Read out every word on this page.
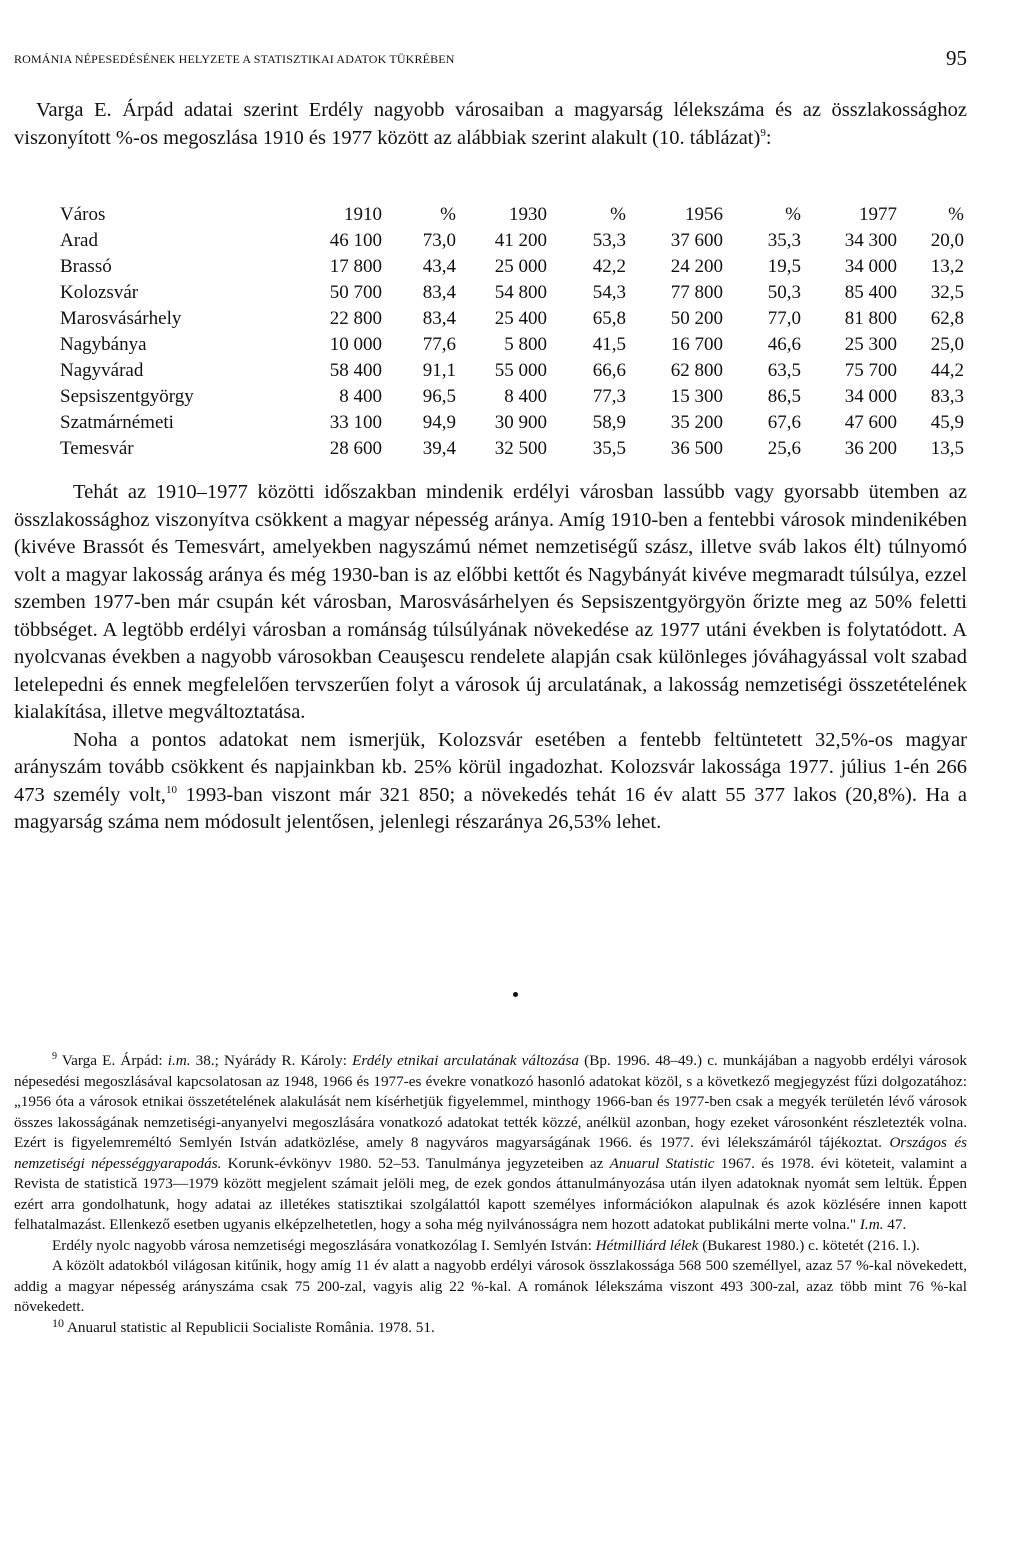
ROMÁNIA NÉPESEDÉSÉNEK HELYZETE A STATISZTIKAI ADATOK TÜKRÉBEN	95

Varga E. Árpád adatai szerint Erdély nagyobb városaiban a magyarság lélekszáma és az összlakossághoz viszonyított %-os megoszlása 1910 és 1977 között az alábbiak szerint alakult (10. táblázat)$^9$:

Város	1910	%	1930	%	1956	%	1977	%
Arad	46 100	73,0	41 200	53,3	37 600	35,3	34 300	20,0
Brassó	17 800	43,4	25 000	42,2	24 200	19,5	34 000	13,2
Kolozsvár	50 700	83,4	54 800	54,3	77 800	50,3	85 400	32,5
Marosvásárhely	22 800	83,4	25 400	65,8	50 200	77,0	81 800	62,8
Nagybánya	10 000	77,6	5 800	41,5	16 700	46,6	25 300	25,0
Nagyvárad	58 400	91,1	55 000	66,6	62 800	63,5	75 700	44,2
Sepsiszentgyörgy	8 400	96,5	8 400	77,3	15 300	86,5	34 000	83,3
Szatmárnémeti	33 100	94,9	30 900	58,9	35 200	67,6	47 600	45,9
Temesvár	28 600	39,4	32 500	35,5	36 500	25,6	36 200	13,5

Tehát az 1910–1977 közötti időszakban mindenik erdélyi városban lassúbb vagy gyorsabb ütemben az összlakossághoz viszonyítva csökkent a magyar népesség aránya. Amíg 1910-ben a fentebbi városok mindenikében (kivéve Brassót és Temesvárt, amelyekben nagyszámú német nemzetiségű szász, illetve sváb lakos élt) túlnyomó volt a magyar lakosság aránya és még 1930-ban is az előbbi kettőt és Nagybányát kivéve megmaradt túlsúlya, ezzel szemben 1977-ben már csupán két városban, Marosvásárhelyen és Sepsiszentgyörgyön őrizte meg az 50% feletti többséget. A legtöbb erdélyi városban a románság túlsúlyának növekedése az 1977 utáni években is folytatódott. A nyolcvanas években a nagyobb városokban Ceauşescu rendelete alapján csak különleges jóváhagyással volt szabad letelepedni és ennek megfelelően tervszerűen folyt a városok új arculatának, a lakosság nemzetiségi összetételének kialakítása, illetve megváltoztatása.

Noha a pontos adatokat nem ismerjük, Kolozsvár esetében a fentebb feltüntetett 32,5%-os magyar arányszám tovább csökkent és napjainkban kb. 25% körül ingadozhat. Kolozsvár lakossága 1977. július 1-én 266 473 személy volt,$^{10}$ 1993-ban viszont már 321 850; a növekedés tehát 16 év alatt 55 377 lakos (20,8%). Ha a magyarság száma nem módosult jelentősen, jelenlegi részaránya 26,53% lehet.

$^9$ Varga E. Árpád: i.m. 38.; Nyárády R. Károly: Erdély etnikai arculatának változása (Bp. 1996. 48–49.) c. munkájában a nagyobb erdélyi városok népesedési megoszlásával kapcsolatosan az 1948, 1966 és 1977-es évekre vonatkozó hasonló adatokat közöl, s a következő megjegyzést fűzi dolgozatához: „1956 óta a városok etnikai összetételének alakulását nem kísérhetjük figyelemmel, minthogy 1966-ban és 1977-ben csak a megyék területén lévő városok összes lakosságának nemzetiségi-anyanyelvi megoszlására vonatkozó adatokat tették közzé, anélkül azonban, hogy ezeket városonként részletezték volna. Ezért is figyelemreméltó Semlyén István adatközlése, amely 8 nagyváros magyarságának 1966. és 1977. évi lélekszámáról tájékoztat. Országos és nemzetiségi népességgyarapodás. Korunk-évkönyv 1980. 52–53. Tanulmánya jegyzeteiben az Anuarul Statistic 1967. és 1978. évi köteteit, valamint a Revista de statisticǎ 1973—1979 között megjelent számait jelöli meg, de ezek gondos áttanulmányozása után ilyen adatoknak nyomát sem leltük. Éppen ezért arra gondolhatunk, hogy adatai az illetékes statisztikai szolgálattól kapott személyes információkon alapulnak és azok közlésére innen kapott felhatalmazást. Ellenkező esetben ugyanis elképzelhetetlen, hogy a soha még nyilvánosságra nem hozott adatokat publikálni merte volna." I.m. 47.

Erdély nyolc nagyobb városa nemzetiségi megoszlására vonatkozólag I. Semlyén István: Hétmilliárd lélek (Bukarest 1980.) c. kötetét (216. l.).

A közölt adatokból világosan kitűnik, hogy amíg 11 év alatt a nagyobb erdélyi városok összlakossága 568 500 személlyel, azaz 57 %-kal növekedett, addig a magyar népesség arányszáma csak 75 200-zal, vagyis alig 22 %-kal. A románok lélekszáma viszont 493 300-zal, azaz több mint 76 %-kal növekedett.

$^{10}$ Anuarul statistic al Republicii Socialiste România. 1978. 51.
